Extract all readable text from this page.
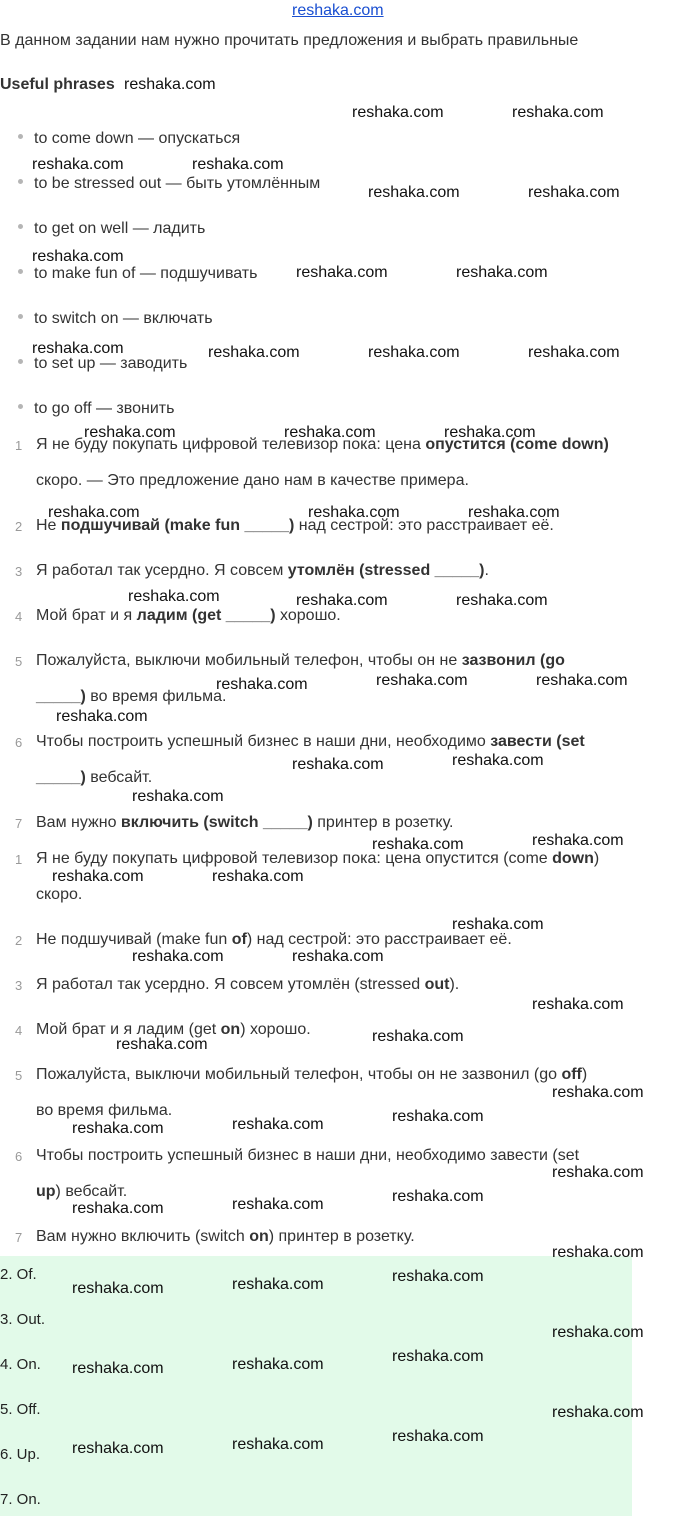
reshaka.com
В данном задании нам нужно прочитать предложения и выбрать правильные
Useful phrases
to come down — опускаться
to be stressed out — быть утомлённым
to get on well — ладить
to make fun of — подшучивать
to switch on — включать
to set up — заводить
to go off — звонить
1 Я не буду покупать цифровой телевизор пока: цена опустится (come down)
скоро. — Это предложение дано нам в качестве примера.
2 Не подшучивай (make fun _____) над сестрой: это расстраивает её.
3 Я работал так усердно. Я совсем утомлён (stressed _____).
4 Мой брат и я ладим (get _____) хорошо.
5 Пожалуйста, выключи мобильный телефон, чтобы он не зазвонил (go
_____) во время фильма.
6 Чтобы построить успешный бизнес в наши дни, необходимо завести (set
_____) вебсайт.
7 Вам нужно включить (switch _____) принтер в розетку.
1 Я не буду покупать цифровой телевизор пока: цена опустится (come down)
скоро.
2 Не подшучивай (make fun of) над сестрой: это расстраивает её.
3 Я работал так усердно. Я совсем утомлён (stressed out).
4 Мой брат и я ладим (get on) хорошо.
5 Пожалуйста, выключи мобильный телефон, чтобы он не зазвонил (go off)
во время фильма.
6 Чтобы построить успешный бизнес в наши дни, необходимо завести (set
up) вебсайт.
7 Вам нужно включить (switch on) принтер в розетку.
2. Of.
3. Out.
4. On.
5. Off.
6. Up.
7. On.
reshaka.com
reshaka.com	reshaka.com
reshaka.com	reshaka.com
reshaka.com	reshaka.com
reshaka.com
reshaka.com	reshaka.com
reshaka.com	reshaka.com	reshaka.com	reshaka.com
reshaka.com	reshaka.com	reshaka.com
reshaka.com	reshaka.com	reshaka.com
reshaka.com	reshaka.com	reshaka.com
reshaka.com	reshaka.com	reshaka.com
reshaka.com
reshaka.com	reshaka.com
reshaka.com
reshaka.com
reshaka.com
reshaka.com	reshaka.com
reshaka.com
reshaka.com	reshaka.com
reshaka.com
reshaka.com
reshaka.com
reshaka.com
reshaka.com
reshaka.com	reshaka.com
reshaka.com
reshaka.com
reshaka.com	reshaka.com
reshaka.com
reshaka.com
reshaka.com	reshaka.com
reshaka.com
reshaka.com
reshaka.com	reshaka.com
reshaka.com
reshaka.com
reshaka.com	reshaka.com
